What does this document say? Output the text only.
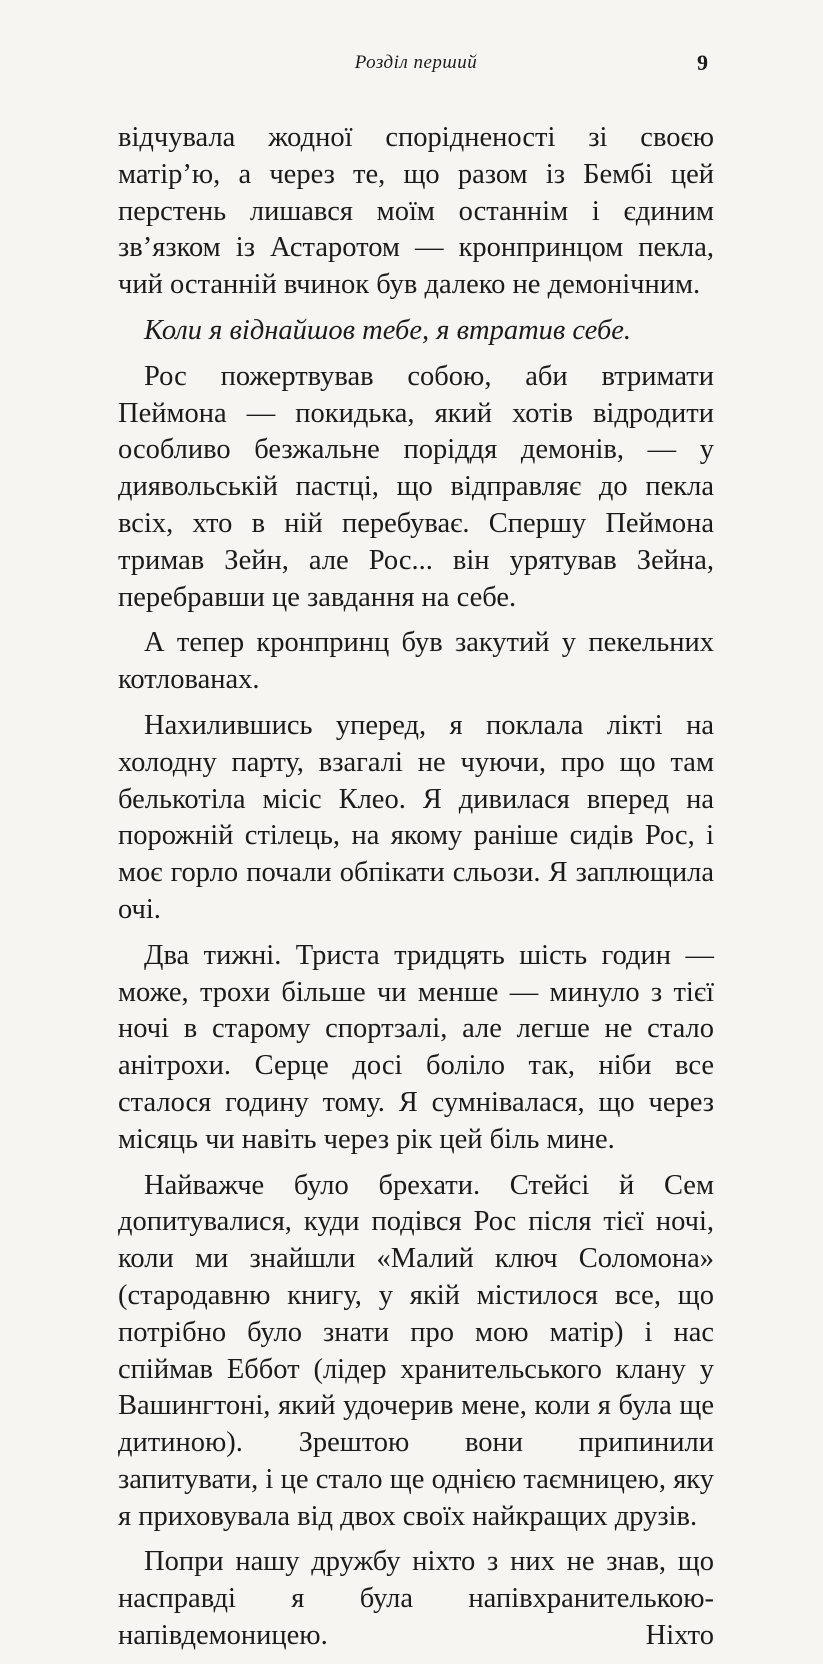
Розділ перший	9

відчувала жодної спорідненості зі своєю матір’ю, а через те, що разом із Бембі цей перстень лишався моїм останнім і єдиним зв’язком із Астаротом — кронпринцом пекла, чий останній вчинок був далеко не демонічним.

Коли я віднайшов тебе, я втратив себе.

Рос пожертвував собою, аби втримати Пеймона — покидька, який хотів відродити особливо безжальне поріддя демонів, — у диявольській пастці, що відправляє до пекла всіх, хто в ній перебуває. Спершу Пеймона тримав Зейн, але Рос... він урятував Зейна, перебравши це завдання на себе.

А тепер кронпринц був закутий у пекельних котлованах.

Нахилившись уперед, я поклала лікті на холодну парту, взагалі не чуючи, про що там белькотіла місіс Клео. Я дивилася вперед на порожній стілець, на якому раніше сидів Рос, і моє горло почали обпікати сльози. Я заплющила очі.

Два тижні. Триста тридцять шість годин — може, трохи більше чи менше — минуло з тієї ночі в старому спортзалі, але легше не стало анітрохи. Серце досі боліло так, ніби все сталося годину тому. Я сумнівалася, що через місяць чи навіть через рік цей біль мине.

Найважче було брехати. Стейсі й Сем допитувалися, куди подівся Рос після тієї ночі, коли ми знайшли «Малий ключ Соломона» (стародавню книгу, у якій містилося все, що потрібно було знати про мою матір) і нас спіймав Еббот (лідер хранительського клану у Вашингтоні, який удочерив мене, коли я була ще дитиною). Зрештою вони припинили запитувати, і це стало ще однією таємницею, яку я приховувала від двох своїх найкращих друзів.

Попри нашу дружбу ніхто з них не знав, що насправді я була напівхранителькою-напівдемоницею. Ніхто
